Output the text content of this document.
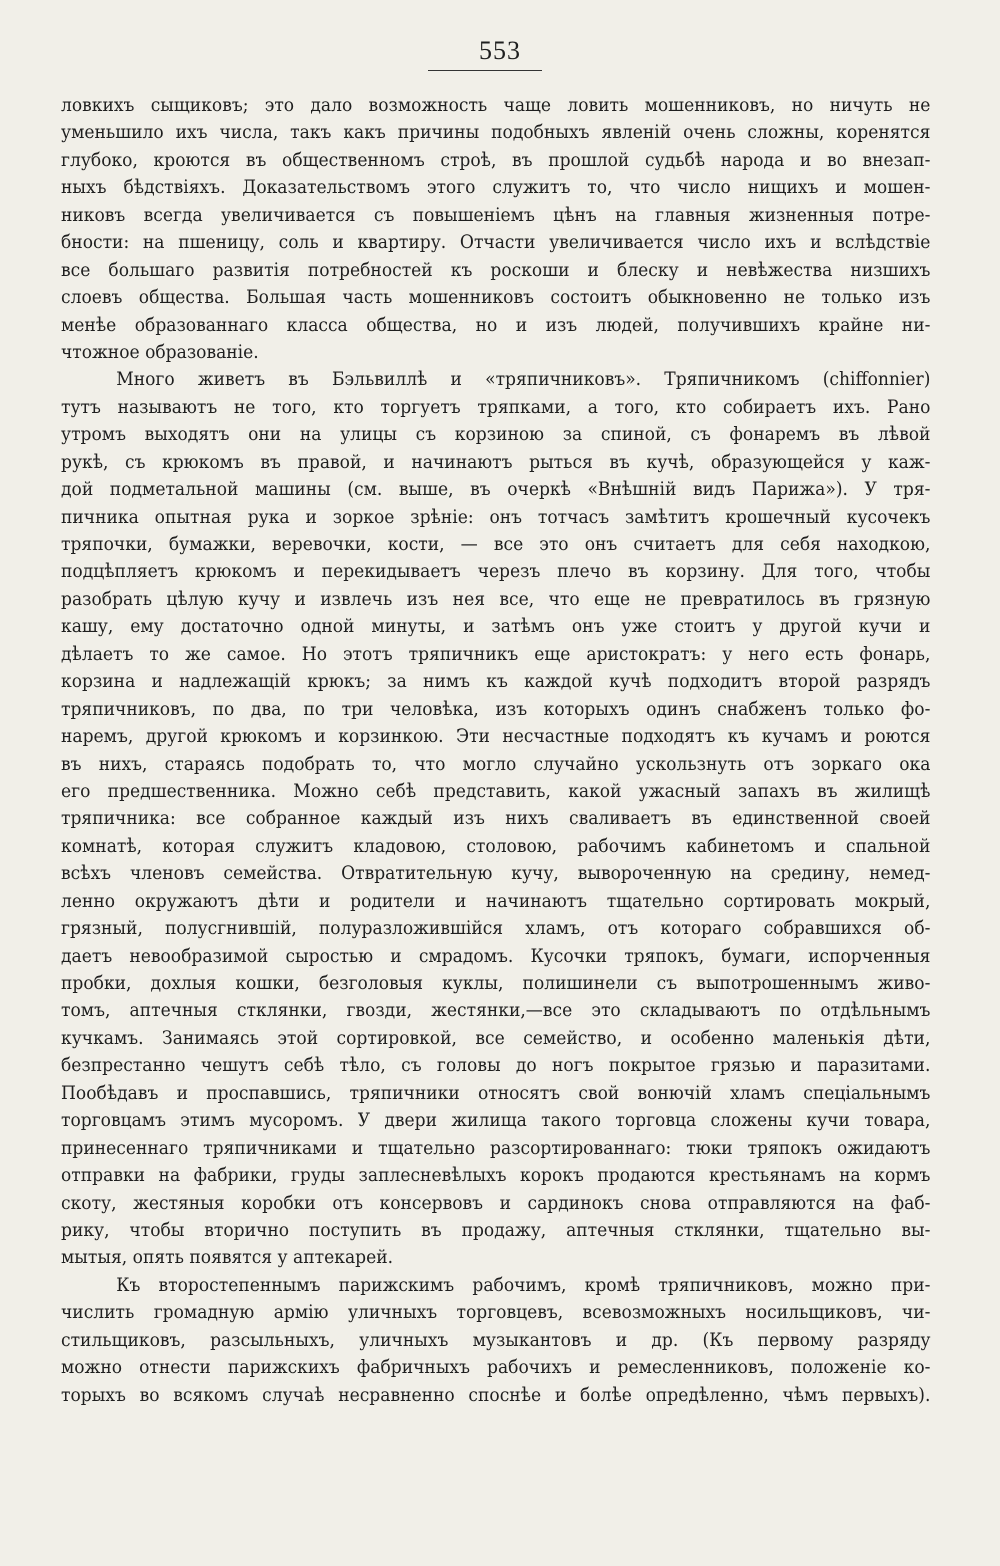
553
ловкихъ сыщиковъ; это дало возможность чаще ловить мошенниковъ, но ничуть не
уменьшило ихъ числа, такъ какъ причины подобныхъ явленій очень сложны, коренятся
глубоко, кроются въ общественномъ строѣ, въ прошлой судьбѣ народа и во внезап-
ныхъ бѣдствіяхъ. Доказательствомъ этого служитъ то, что число нищихъ и мошен-
никовъ всегда увеличивается съ повышеніемъ цѣнъ на главныя жизненныя потре-
бности: на пшеницу, соль и квартиру. Отчасти увеличивается число ихъ и вслѣдствіе
все большаго развитія потребностей къ роскоши и блеску и невѣжества низшихъ
слоевъ общества. Большая часть мошенниковъ состоитъ обыкновенно не только изъ
менѣе образованнаго класса общества, но и изъ людей, получившихъ крайне ни-
чтожное образованіе.
Много живетъ въ Бэльвиллѣ и «тряпичниковъ». Тряпичникомъ (chiffonnier)
тутъ называютъ не того, кто торгуетъ тряпками, а того, кто собираетъ ихъ. Рано
утромъ выходятъ они на улицы съ корзиною за спиной, съ фонаремъ въ лѣвой
рукѣ, съ крюкомъ въ правой, и начинаютъ рыться въ кучѣ, образующейся у каж-
дой подметальной машины (см. выше, въ очеркѣ «Внѣшній видъ Парижа»). У тря-
пичника опытная рука и зоркое зрѣніе: онъ тотчасъ замѣтитъ крошечный кусочекъ
тряпочки, бумажки, веревочки, кости, — все это онъ считаетъ для себя находкою,
подцѣпляетъ крюкомъ и перекидываетъ черезъ плечо въ корзину. Для того, чтобы
разобрать цѣлую кучу и извлечь изъ нея все, что еще не превратилось въ грязную
кашу, ему достаточно одной минуты, и затѣмъ онъ уже стоитъ у другой кучи и
дѣлаетъ то же самое. Но этотъ тряпичникъ еще аристократъ: у него есть фонарь,
корзина и надлежащій крюкъ; за нимъ къ каждой кучѣ подходитъ второй разрядъ
тряпичниковъ, по два, по три человѣка, изъ которыхъ одинъ снабженъ только фо-
наремъ, другой крюкомъ и корзинкою. Эти несчастные подходятъ къ кучамъ и роются
въ нихъ, стараясь подобрать то, что могло случайно ускользнуть отъ зоркаго ока
его предшественника. Можно себѣ представить, какой ужасный запахъ въ жилищѣ
тряпичника: все собранное каждый изъ нихъ сваливаетъ въ единственной своей
комнатѣ, которая служитъ кладовою, столовою, рабочимъ кабинетомъ и спальной
всѣхъ членовъ семейства. Отвратительную кучу, вывороченную на средину, немед-
ленно окружаютъ дѣти и родители и начинаютъ тщательно сортировать мокрый,
грязный, полусгнившій, полуразложившійся хламъ, отъ котораго собравшихся об-
даетъ невообразимой сыростью и смрадомъ. Кусочки тряпокъ, бумаги, испорченныя
пробки, дохлыя кошки, безголовыя куклы, полишинели съ выпотрошеннымъ живо-
томъ, аптечныя стклянки, гвозди, жестянки,—все это складываютъ по отдѣльнымъ
кучкамъ. Занимаясь этой сортировкой, все семейство, и особенно маленькія дѣти,
безпрестанно чешутъ себѣ тѣло, съ головы до ногъ покрытое грязью и паразитами.
Пообѣдавъ и проспавшись, тряпичники относятъ свой вонючій хламъ спеціальнымъ
торговцамъ этимъ мусоромъ. У двери жилища такого торговца сложены кучи товара,
принесеннаго тряпичниками и тщательно разсортированнаго: тюки тряпокъ ожидаютъ
отправки на фабрики, груды заплесневѣлыхъ корокъ продаются крестьянамъ на кормъ
скоту, жестяныя коробки отъ консервовъ и сардинокъ снова отправляются на фаб-
рику, чтобы вторично поступить въ продажу, аптечныя стклянки, тщательно вы-
мытыя, опять появятся у аптекарей.
Къ второстепеннымъ парижскимъ рабочимъ, кромѣ тряпичниковъ, можно при-
числить громадную армію уличныхъ торговцевъ, всевозможныхъ носильщиковъ, чи-
стильщиковъ, разсыльныхъ, уличныхъ музыкантовъ и др. (Къ первому разряду
можно отнести парижскихъ фабричныхъ рабочихъ и ремесленниковъ, положеніе ко-
торыхъ во всякомъ случаѣ несравненно споснѣе и болѣе опредѣленно, чѣмъ первыхъ).
